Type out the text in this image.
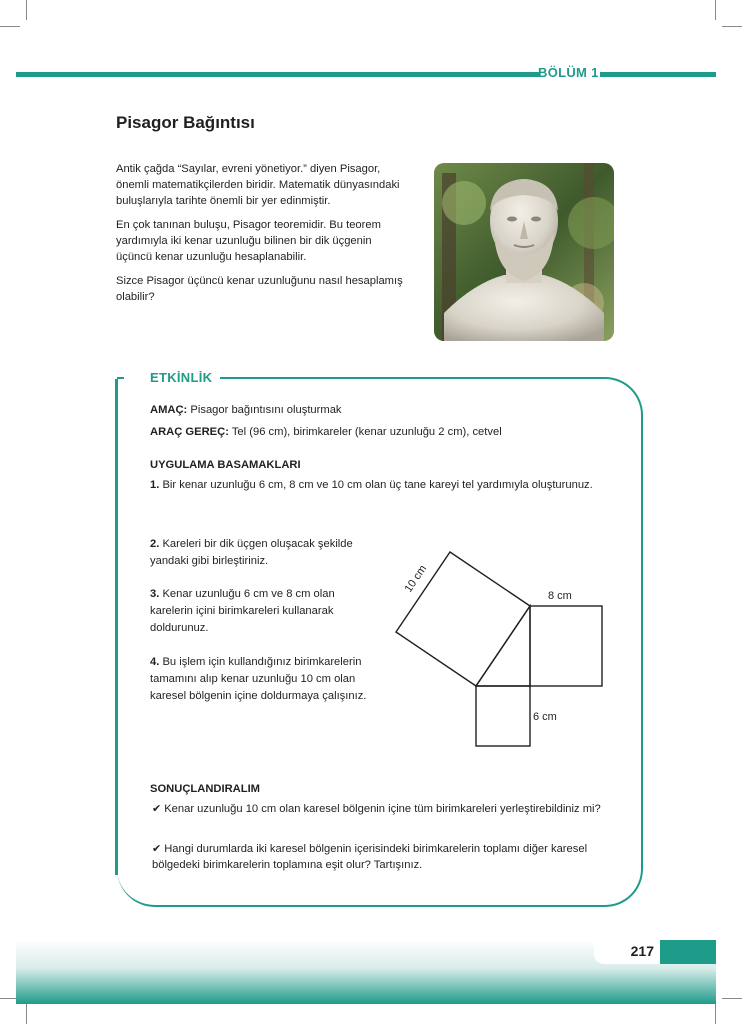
BÖLÜM 1
Pisagor Bağıntısı

Antik çağda “Sayılar, evreni yönetiyor.” diyen Pisagor, önemli matematikçilerden biridir. Matematik dünyasındaki buluşlarıyla tarihte önemli bir yer edinmiştir.

En çok tanınan buluşu, Pisagor teoremidir. Bu teorem yardımıyla iki kenar uzunluğu bilinen bir dik üçgenin üçüncü kenar uzunluğu hesaplanabilir.

Sizce Pisagor üçüncü kenar uzunluğunu nasıl hesaplamış olabilir?

ETKİNLİK
AMAÇ: Pisagor bağıntısını oluşturmak
ARAÇ GEREÇ: Tel (96 cm), birimkareler (kenar uzunluğu 2 cm), cetvel
UYGULAMA BASAMAKLARI
1. Bir kenar uzunluğu 6 cm, 8 cm ve 10 cm olan üç tane kareyi tel yardımıyla oluşturunuz.
2. Kareleri bir dik üçgen oluşacak şekilde yandaki gibi birleştiriniz.
3. Kenar uzunluğu 6 cm ve 8 cm olan karelerin içini birimkareleri kullanarak doldurunuz.
4. Bu işlem için kullandığınız birimkarelerin tamamını alıp kenar uzunluğu 10 cm olan karesel bölgenin içine doldurmaya çalışınız.
10 cm
8 cm
6 cm
SONUÇLANDIRALIM
✔ Kenar uzunluğu 10 cm olan karesel bölgenin içine tüm birimkareleri yerleştirebildiniz mi?
✔ Hangi durumlarda iki karesel bölgenin içerisindeki birimkarelerin toplamı diğer karesel bölgedeki birimkarelerin toplamına eşit olur? Tartışınız.
217
